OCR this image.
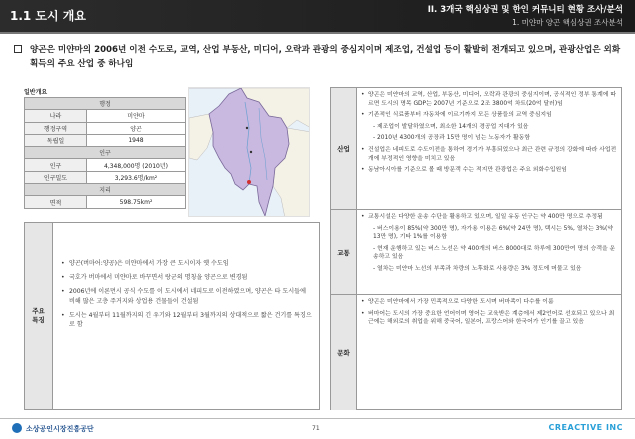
1.1 도시 개요	II. 3개국 핵심상권 및 한인 커뮤니티 현황 조사/분석
1. 미얀마 양곤 핵심상권 조사분석
양곤은 미얀마의 2006년 이전 수도로, 교역, 산업 부동산, 미디어, 오락과 관광의 중심지이며 제조업, 건설업 등이 활발히 전개되고 있으며, 관광산업은 외화획득의 주요 산업 중 하나임
일반개요
행정	
나라	미얀마
행정구역	양곤
독립일	1948
인구	
인구	4,348,000명 (2010년)
인구밀도	3,293.6명/km²
지리	
면적	598.75km²
주요
특징
• 양곤(버마어:양공)은 미얀마에서 가장 큰 도시이자 옛 수도임
• 국호가 버마에서 미얀마로 바꾸면서 랑군의 명칭을 양곤으로 변경됨
• 2006년에 이론먼시 공식 수도를 이 도시에서 네피도로 이전하였으며, 양곤은 타 도시들에 비해 많은 고층 주거지와 상업용 건물들이 건설됨
• 도시는 4월부터 11월까지의 긴 우기와 12월부터 3월까지의 상대적으로 짧은 건기를 특징으로 함
산업
• 양곤은 미얀마의 교역, 산업, 부동산, 미디어, 오락과 관광의 중심지이며, 공식적인 정부 통계에 따르면 도시의 명목 GDP는 2007년 기준으로 2조 3800억 차트(20억 달러)임
• 기존적인 식료품부터 자동차에 이르기까지 모든 상품들의 교역 중심지임
- 제조업이 발달하였으며, 최소한 14개의 경공업 지대가 있음
- 2010년 4300개의 공장과 15만 명이 넘는 노동자가 활동함
• 건설업은 네피도로 수도이전을 통하여 경기가 부흥되었으나 최근 관련 규정의 강화에 따라 사업전개에 부정적인 영향을 미치고 있음
• 동남아시아를 기준으로 볼 때 방문객 수는 적지만 관광업은 주요 외화수입원임
교통
• 교통시설은 다양한 운송 수단을 활용하고 있으며, 일일 유동 인구는 약 400만 명으로 추정됨
- 버스이용이 85%(약 300만 명), 자가용 이용은 6%(약 24만 명), 택시는 5%, 열차는 3%(약 13만 명), 기타 1%를 이용함
- 현재 운행하고 있는 버스 노선은 약 400개의 버스 8000대로 하루에 300만여 명의 승객을 운송하고 있음
- 열차는 미얀마 노선의 부족과 차량의 노후화로 사용량은 3% 정도에 머물고 있음
문화
• 양곤은 미얀마에서 가장 민족적으로 다양한 도시며 버마족이 다수를 이룸
• 버마어는 도시의 가장 중요한 언어이며 영어는 교육받은 계층에서 제2언어로 선호되고 있으나 최근에는 해외로의 취업을 위해 중국어, 일본어, 프랑스어와 한국어가 인기를 끌고 있음
소상공인시장진흥공단	71	CREACTIVE INC
